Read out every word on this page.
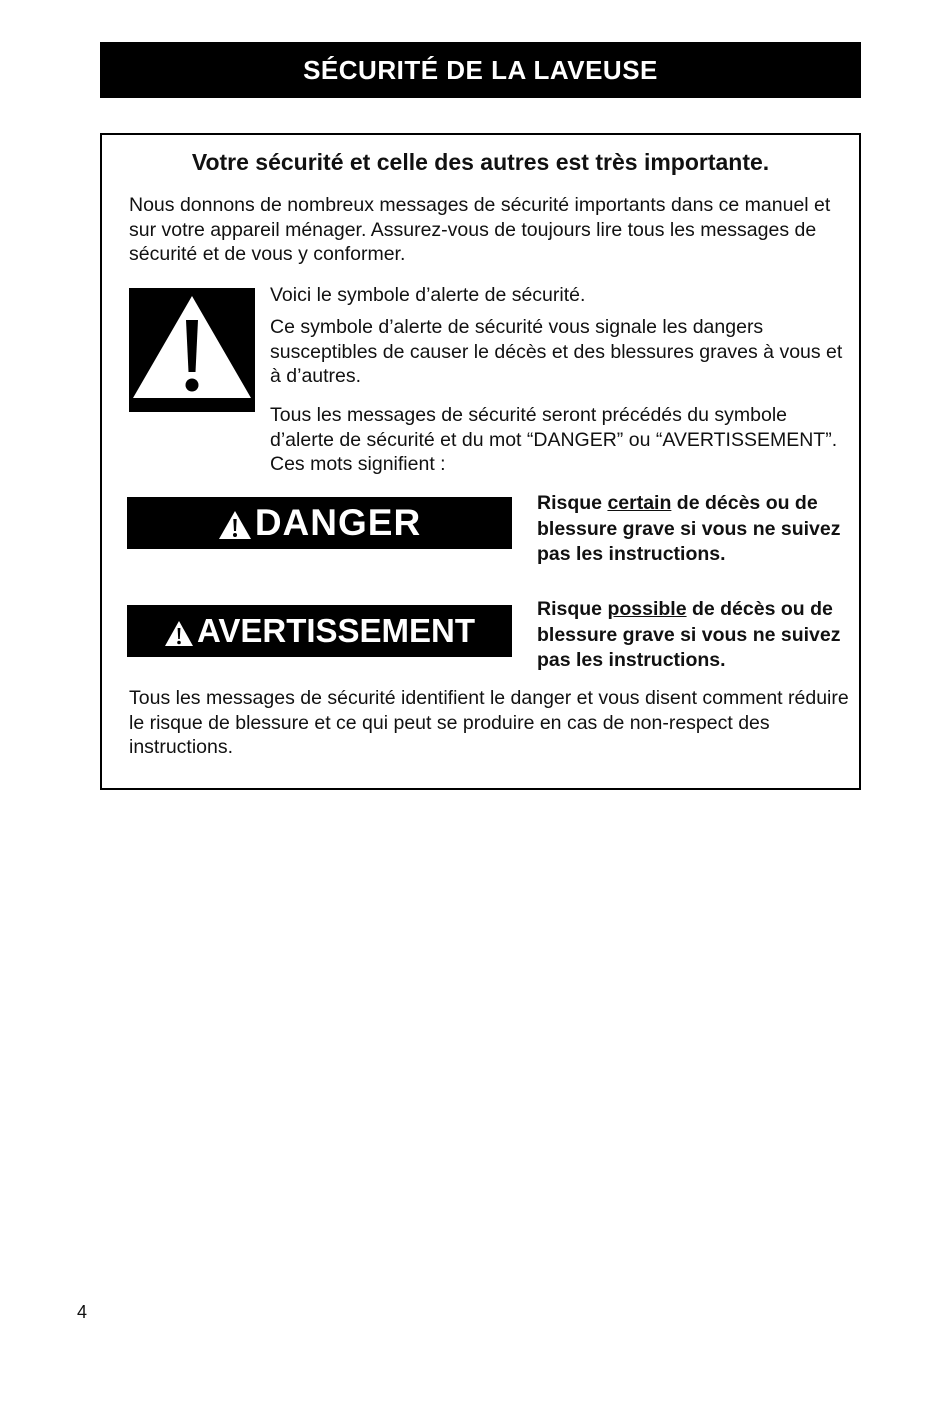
SÉCURITÉ DE LA LAVEUSE
Votre sécurité et celle des autres est très importante.
Nous donnons de nombreux messages de sécurité importants dans ce manuel et sur votre appareil ménager. Assurez-vous de toujours lire tous les messages de sécurité et de vous y conformer.
Voici le symbole d’alerte de sécurité.
Ce symbole d’alerte de sécurité vous signale les dangers susceptibles de causer le décès et des blessures graves à vous et à d’autres.
Tous les messages de sécurité seront précédés du symbole d’alerte de sécurité et du mot “DANGER” ou “AVERTISSEMENT”. Ces mots signifient :
DANGER	Risque certain de décès ou de blessure grave si vous ne suivez pas les instructions.
AVERTISSEMENT
Risque possible de décès ou de blessure grave si vous ne suivez pas les instructions.
Tous les messages de sécurité identifient le danger et vous disent comment réduire le risque de blessure et ce qui peut se produire en cas de non-respect des instructions.
4
